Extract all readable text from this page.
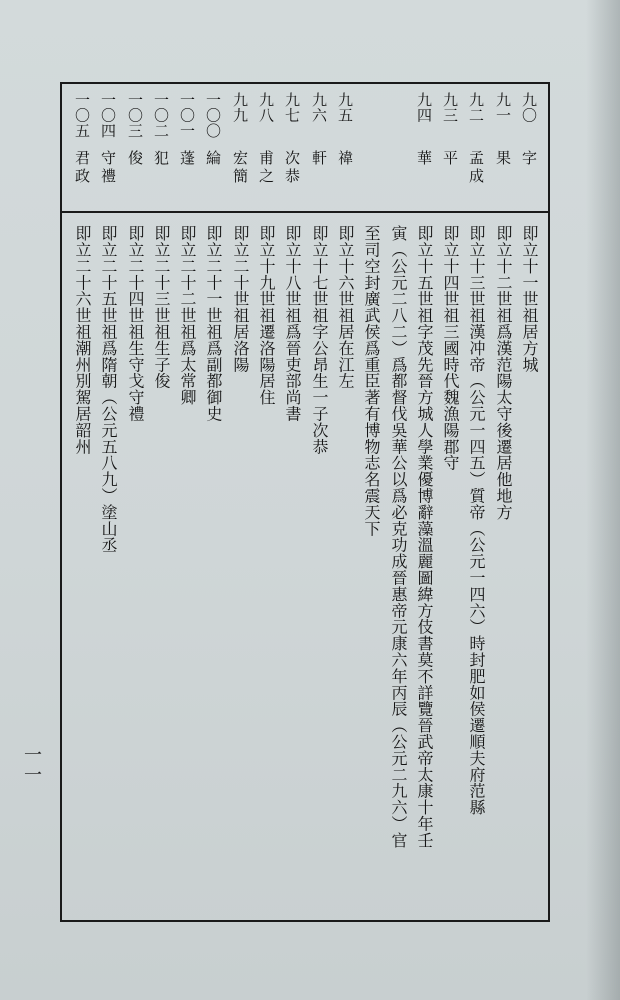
九〇
字
即立十一世祖居方城
九一
果
即立十二世祖爲漢范陽太守後遷居他地方
九二
孟成
即立十三世祖漢冲帝（公元一四五）質帝（公元一四六）時封肥如侯遷順夫府范縣
九三
平
即立十四世祖三國時代魏漁陽郡守
九四
華
即立十五世祖字茂先晉方城人學業優博辭藻溫麗圖緯方伎書莫不詳覽晉武帝太康十年壬
寅（公元二八二）爲都督伐吳華公以爲必克功成晉惠帝元康六年丙辰（公元二九六）官
至司空封廣武侯爲重臣著有博物志名震天下
九五
禕
即立十六世祖居在江左
九六
軒
即立十七世祖字公昂生一子次恭
九七
次恭
即立十八世祖爲晉吏部尚書
九八
甫之
即立十九世祖遷洛陽居住
九九
宏簡
即立二十世祖居洛陽
一〇〇
綸
即立二十一世祖爲副都御史
一〇一
蓬
即立二十二世祖爲太常卿
一〇二
犯
即立二十三世祖生子俊
一〇三
俊
即立二十四世祖生守戈守禮
一〇四
守禮
即立二十五世祖爲隋朝（公元五八九）塗山丞
一〇五
君政
即立二十六世祖潮州別駕居韶州
一一
